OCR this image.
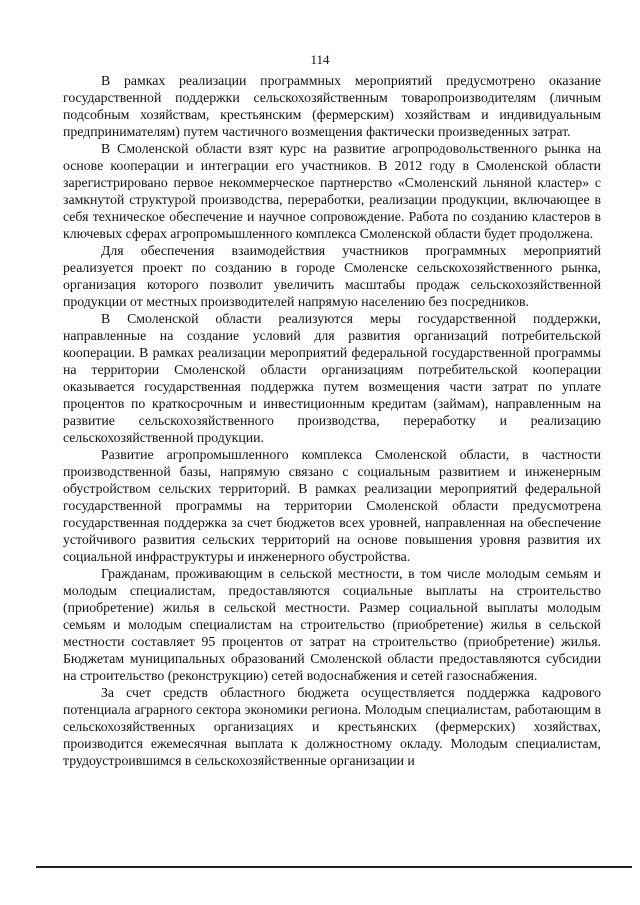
114

В рамках реализации программных мероприятий предусмотрено оказание государственной поддержки сельскохозяйственным товаропроизводителям (личным подсобным хозяйствам, крестьянским (фермерским) хозяйствам и индивидуальным предпринимателям) путем частичного возмещения фактически произведенных затрат.

В Смоленской области взят курс на развитие агропродовольственного рынка на основе кооперации и интеграции его участников. В 2012 году в Смоленской области зарегистрировано первое некоммерческое партнерство «Смоленский льняной кластер» с замкнутой структурой производства, переработки, реализации продукции, включающее в себя техническое обеспечение и научное сопровождение. Работа по созданию кластеров в ключевых сферах агропромышленного комплекса Смоленской области будет продолжена.

Для обеспечения взаимодействия участников программных мероприятий реализуется проект по созданию в городе Смоленске сельскохозяйственного рынка, организация которого позволит увеличить масштабы продаж сельскохозяйственной продукции от местных производителей напрямую населению без посредников.

В Смоленской области реализуются меры государственной поддержки, направленные на создание условий для развития организаций потребительской кооперации. В рамках реализации мероприятий федеральной государственной программы на территории Смоленской области организациям потребительской кооперации оказывается государственная поддержка путем возмещения части затрат по уплате процентов по краткосрочным и инвестиционным кредитам (займам), направленным на развитие сельскохозяйственного производства, переработку и реализацию сельскохозяйственной продукции.

Развитие агропромышленного комплекса Смоленской области, в частности производственной базы, напрямую связано с социальным развитием и инженерным обустройством сельских территорий. В рамках реализации мероприятий федеральной государственной программы на территории Смоленской области предусмотрена государственная поддержка за счет бюджетов всех уровней, направленная на обеспечение устойчивого развития сельских территорий на основе повышения уровня развития их социальной инфраструктуры и инженерного обустройства.

Гражданам, проживающим в сельской местности, в том числе молодым семьям и молодым специалистам, предоставляются социальные выплаты на строительство (приобретение) жилья в сельской местности. Размер социальной выплаты молодым семьям и молодым специалистам на строительство (приобретение) жилья в сельской местности составляет 95 процентов от затрат на строительство (приобретение) жилья. Бюджетам муниципальных образований Смоленской области предоставляются субсидии на строительство (реконструкцию) сетей водоснабжения и сетей газоснабжения.

За счет средств областного бюджета осуществляется поддержка кадрового потенциала аграрного сектора экономики региона. Молодым специалистам, работающим в сельскохозяйственных организациях и крестьянских (фермерских) хозяйствах, производится ежемесячная выплата к должностному окладу. Молодым специалистам, трудоустроившимся в сельскохозяйственные организации и
